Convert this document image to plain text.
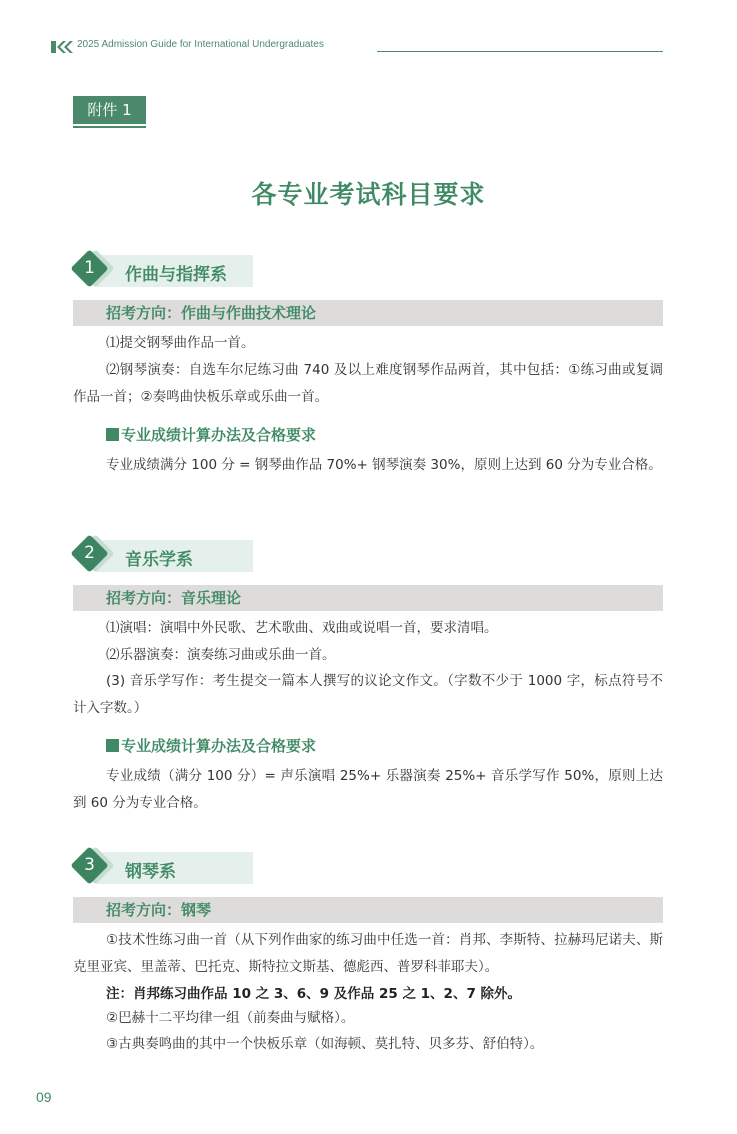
2025 Admission Guide for International Undergraduates
附件 1
各专业考试科目要求
1	作曲与指挥系
招考方向：作曲与作曲技术理论
⑴提交钢琴曲作品一首。
⑵钢琴演奏：自选车尔尼练习曲 740 及以上难度钢琴作品两首，其中包括：①练习曲或复调作品一首；②奏鸣曲快板乐章或乐曲一首。
专业成绩计算办法及合格要求
专业成绩满分 100 分 = 钢琴曲作品 70%+ 钢琴演奏 30%，原则上达到 60 分为专业合格。
2	音乐学系
招考方向：音乐理论
⑴演唱：演唱中外民歌、艺术歌曲、戏曲或说唱一首，要求清唱。
⑵乐器演奏：演奏练习曲或乐曲一首。
(3) 音乐学写作：考生提交一篇本人撰写的议论文作文。（字数不少于 1000 字，标点符号不计入字数。）
专业成绩计算办法及合格要求
专业成绩（满分 100 分）= 声乐演唱 25%+ 乐器演奏 25%+ 音乐学写作 50%，原则上达到 60 分为专业合格。
3	钢琴系
招考方向：钢琴
①技术性练习曲一首（从下列作曲家的练习曲中任选一首：肖邦、李斯特、拉赫玛尼诺夫、斯克里亚宾、里盖蒂、巴托克、斯特拉文斯基、德彪西、普罗科菲耶夫）。
注：肖邦练习曲作品 10 之 3、6、9 及作品 25 之 1、2、7 除外。
②巴赫十二平均律一组（前奏曲与赋格）。
③古典奏鸣曲的其中一个快板乐章（如海顿、莫扎特、贝多芬、舒伯特）。
09
